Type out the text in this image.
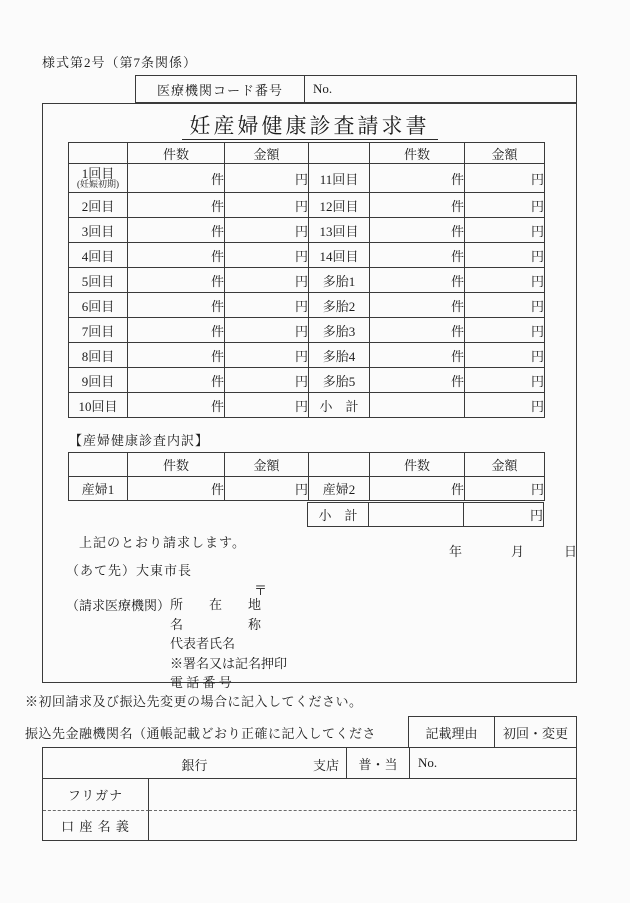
様式第2号（第7条関係）
医療機関コード番号	No.
妊産婦健康診査請求書
	件数	金額		件数	金額

1回目
(妊娠初期)	件	円	11回目	件	円
2回目	件	円	12回目	件	円
3回目	件	円	13回目	件	円
4回目	件	円	14回目	件	円
5回目	件	円	多胎1	件	円
6回目	件	円	多胎2	件	円
7回目	件	円	多胎3	件	円
8回目	件	円	多胎4	件	円
9回目	件	円	多胎5	件	円
10回目	件	円	小　計		円
【産婦健康診査内訳】
	件数	金額		件数	金額
産婦1	件	円	産婦2	件	円
小　計		円
上記のとおり請求します。
年	月	日
（あて先）大東市長
〒
（請求医療機関） 所　　在　　地
名　　　　　称
代表者氏名
※署名又は記名押印
電 話 番 号
※初回請求及び振込先変更の場合に記入してください。
振込先金融機関名（通帳記載どおり正確に記入してくださ	記載理由	初回・変更
銀行	支店	普・当	No.
フリガナ
口 座 名 義
